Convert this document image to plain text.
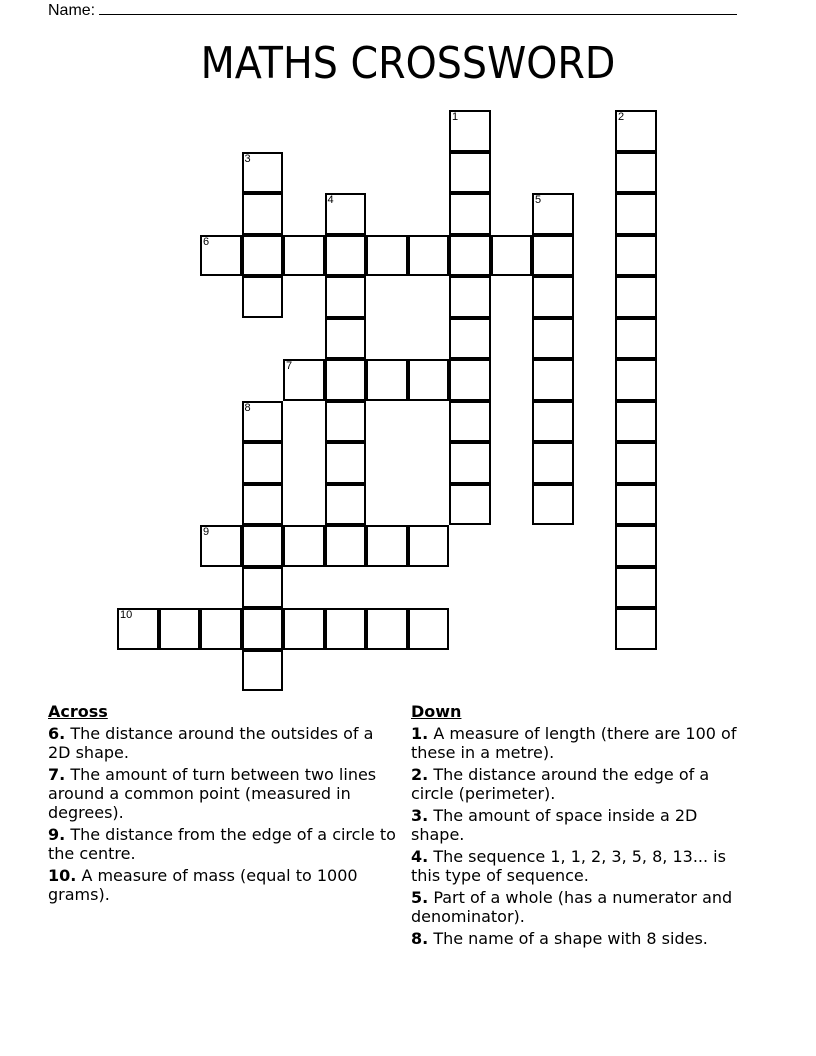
Name:
MATHS CROSSWORD
1	2
3
4	5
6
7
8
9
10
Across
6. The distance around the outsides of a 2D shape.
7. The amount of turn between two lines around a common point (measured in degrees).
9. The distance from the edge of a circle to the centre.
10. A measure of mass (equal to 1000 grams).
Down
1. A measure of length (there are 100 of these in a metre).
2. The distance around the edge of a circle (perimeter).
3. The amount of space inside a 2D shape.
4. The sequence 1, 1, 2, 3, 5, 8, 13... is this type of sequence.
5. Part of a whole (has a numerator and denominator).
8. The name of a shape with 8 sides.
